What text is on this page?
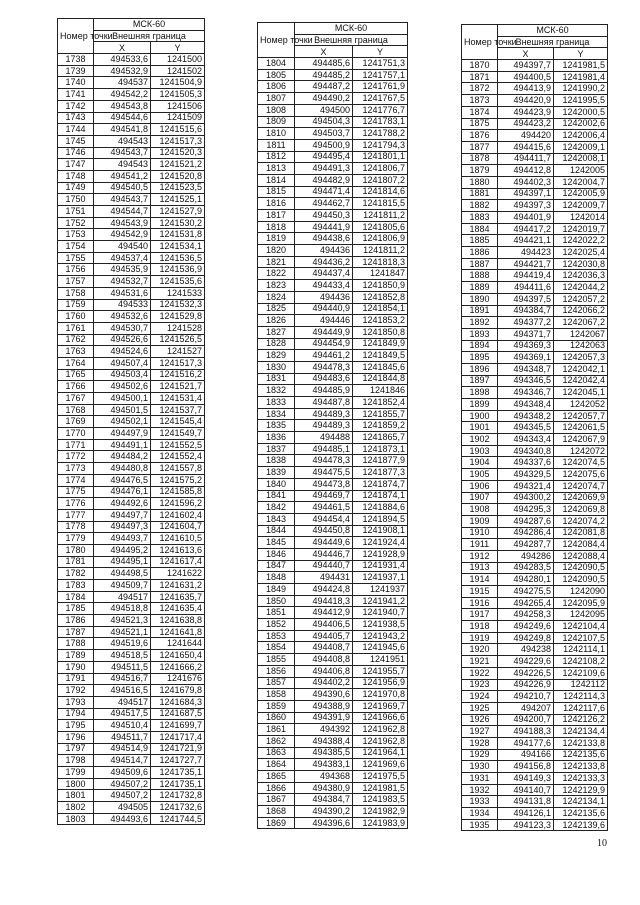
Номер точки	МСК-60	
	Внешняя граница	
	X	Y
1738	494533,6	1241500
1739	494532,9	1241502
1740	494537	1241504,9
1741	494542,2	1241505,3
1742	494543,8	1241506
1743	494544,6	1241509
1744	494541,8	1241515,6
1745	494543	1241517,3
1746	494543,7	1241520,3
1747	494543	1241521,2
1748	494541,2	1241520,8
1749	494540,5	1241523,5
1750	494543,7	1241525,1
1751	494544,7	1241527,9
1752	494543,9	1241530,2
1753	494542,9	1241531,8
1754	494540	1241534,1
1755	494537,4	1241536,5
1756	494535,9	1241536,9
1757	494532,7	1241535,6
1758	494531,6	1241533
1759	494533	1241532,3
1760	494532,6	1241529,8
1761	494530,7	1241528
1762	494526,6	1241526,5
1763	494524,6	1241527
1764	494507,4	1241517,3
1765	494503,4	1241516,2
1766	494502,6	1241521,7
1767	494500,1	1241531,4
1768	494501,5	1241537,7
1769	494502,1	1241545,4
1770	494497,9	1241549,7
1771	494491,1	1241552,5
1772	494484,2	1241552,4
1773	494480,8	1241557,8
1774	494476,5	1241575,2
1775	494476,1	1241585,8
1776	494492,6	1241596,2
1777	494497,7	1241602,4
1778	494497,3	1241604,7
1779	494493,7	1241610,5
1780	494495,2	1241613,6
1781	494495,1	1241617,4
1782	494498,5	1241622
1783	494509,7	1241631,2
1784	494517	1241635,7
1785	494518,8	1241635,4
1786	494521,3	1241638,8
1787	494521,1	1241641,8
1788	494519,6	1241644
1789	494518,5	1241650,4
1790	494511,5	1241666,2
1791	494516,7	1241676
1792	494516,5	1241679,8
1793	494517	1241684,3
1794	494517,5	1241687,5
1795	494510,4	1241699,7
1796	494511,7	1241717,4
1797	494514,9	1241721,9
1798	494514,7	1241727,7
1799	494509,6	1241735,1
1800	494507,2	1241735,1
1801	494507,2	1241732,8
1802	494505	1241732,6
1803	494493,6	1241744,5
Номер точки	МСК-60	
	Внешняя граница	
	X	Y
1804	494485,6	1241751,3
1805	494485,2	1241757,1
1806	494487,2	1241761,9
1807	494490,2	1241767,5
1808	494500	1241776,7
1809	494504,3	1241783,1
1810	494503,7	1241788,2
1811	494500,9	1241794,3
1812	494495,4	1241801,1
1813	494491,3	1241806,7
1814	494482,9	1241807,2
1815	494471,4	1241814,6
1816	494462,7	1241815,5
1817	494450,3	1241811,2
1818	494441,9	1241805,6
1819	494438,6	1241806,9
1820	494436	1241811,2
1821	494436,2	1241818,3
1822	494437,4	1241847
1823	494433,4	1241850,9
1824	494436	1241852,8
1825	494440,9	1241854,1
1826	494446	1241853,2
1827	494449,9	1241850,8
1828	494454,9	1241849,9
1829	494461,2	1241849,5
1830	494478,3	1241845,6
1831	494483,6	1241844,8
1832	494485,9	1241846
1833	494487,8	1241852,4
1834	494489,3	1241855,7
1835	494489,3	1241859,2
1836	494488	1241865,7
1837	494485,1	1241873,1
1838	494478,3	1241877,9
1839	494475,5	1241877,3
1840	494473,8	1241874,7
1841	494469,7	1241874,1
1842	494461,5	1241884,6
1843	494454,4	1241894,5
1844	494450,8	1241908,1
1845	494449,6	1241924,4
1846	494446,7	1241928,9
1847	494440,7	1241931,4
1848	494431	1241937,1
1849	494424,8	1241937
1850	494418,3	1241941,2
1851	494412,9	1241940,7
1852	494406,5	1241938,5
1853	494405,7	1241943,2
1854	494408,7	1241945,6
1855	494408,8	1241951
1856	494406,8	1241955,7
1857	494402,2	1241956,9
1858	494390,6	1241970,8
1859	494388,9	1241969,7
1860	494391,9	1241966,6
1861	494392	1241962,8
1862	494388,4	1241962,8
1863	494385,5	1241964,1
1864	494383,1	1241969,6
1865	494368	1241975,5
1866	494380,9	1241981,5
1867	494384,7	1241983,5
1868	494390,2	1241982,9
1869	494396,6	1241983,9
Номер точки	МСК-60	
	Внешняя граница	
	X	Y
1870	494397,7	1241981,5
1871	494400,5	1241981,4
1872	494413,9	1241990,2
1873	494420,9	1241995,5
1874	494423,9	1242000,5
1875	494423,2	1242002,6
1876	494420	1242006,4
1877	494415,6	1242009,1
1878	494411,7	1242008,1
1879	494412,8	1242005
1880	494402,3	1242004,7
1881	494397,1	1242005,9
1882	494397,3	1242009,7
1883	494401,9	1242014
1884	494417,2	1242019,7
1885	494421,1	1242022,2
1886	494423	1242025,4
1887	494421,7	1242030,8
1888	494419,4	1242036,3
1889	494411,6	1242044,2
1890	494397,5	1242057,2
1891	494384,7	1242066,2
1892	494377,2	1242067,2
1893	494371,7	1242067
1894	494369,3	1242063
1895	494369,1	1242057,3
1896	494348,7	1242042,1
1897	494346,5	1242042,4
1898	494346,7	1242045,1
1899	494348,4	1242052
1900	494348,2	1242057,7
1901	494345,5	1242061,5
1902	494343,4	1242067,9
1903	494340,8	1242072
1904	494337,6	1242074,5
1905	494329,5	1242075,6
1906	494321,4	1242074,7
1907	494300,2	1242069,9
1908	494295,3	1242069,8
1909	494287,6	1242074,2
1910	494286,4	1242081,8
1911	494287,7	1242084,4
1912	494286	1242088,4
1913	494283,5	1242090,5
1914	494280,1	1242090,5
1915	494275,5	1242090
1916	494265,4	1242095,9
1917	494258,3	1242095
1918	494249,6	1242104,4
1919	494249,8	1242107,5
1920	494238	1242114,1
1921	494229,6	1242108,2
1922	494226,5	1242109,6
1923	494226,9	1242112
1924	494210,7	1242114,3
1925	494207	1242117,6
1926	494200,7	1242126,2
1927	494188,3	1242134,4
1928	494177,6	1242133,8
1929	494166	1242135,6
1930	494156,8	1242133,8
1931	494149,3	1242133,3
1932	494140,7	1242129,9
1933	494131,8	1242134,1
1934	494126,1	1242135,6
1935	494123,3	1242139,6
10
